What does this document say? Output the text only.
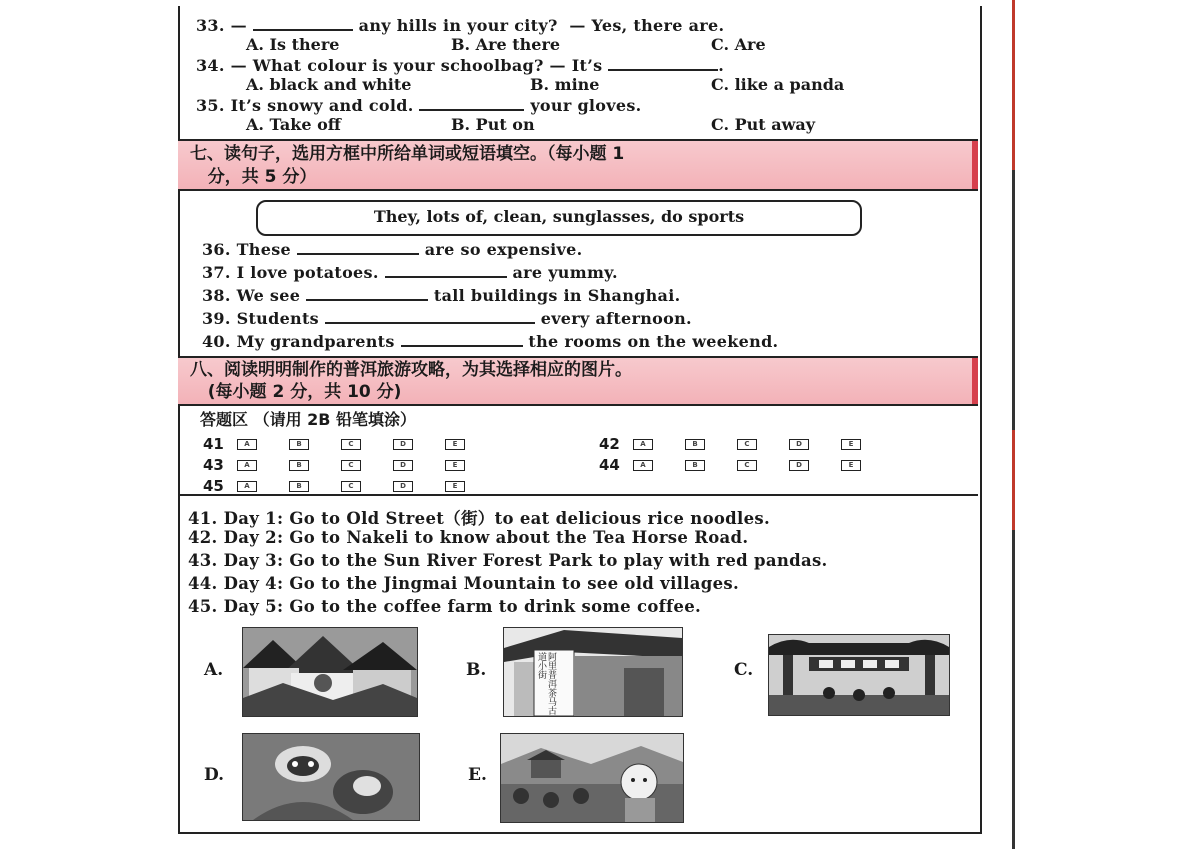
33. —	any hills in your city?  — Yes, there are.
A. Is there	B. Are there	C. Are
34. — What colour is your schoolbag? — It’s	.
A. black and white	B. mine	C. like a panda
35. It’s snowy and cold.	your gloves.
A. Take off	B. Put on	C. Put away
七、读句子，选用方框中所给单词或短语填空。（每小题 1
分，共 5 分）
They, lots of, clean, sunglasses, do sports
36. These	are so expensive.
37. I love potatoes.	are yummy.
38. We see	tall buildings in Shanghai.
39. Students	every afternoon.
40. My grandparents	the rooms on the weekend.
八、阅读明明制作的普洱旅游攻略，为其选择相应的图片。
(每小题 2 分，共 10 分)
答题区 （请用 2B 铅笔填涂）
41	A	B	C	D	E	42	A	B	C	D	E
43	A	B	C	D	E	44	A	B	C	D	E
45	A	B	C	D	E
41. Day 1: Go to Old Street（街）to eat delicious rice noodles.
42. Day 2: Go to Nakeli to know about the Tea Horse Road.
43. Day 3: Go to the Sun River Forest Park to play with red pandas.
44. Day 4: Go to the Jingmai Mountain to see old villages.
45. Day 5: Go to the coffee farm to drink some coffee.
A.	B.	阿里普洱茶马古道小街	C.
D.	E.
